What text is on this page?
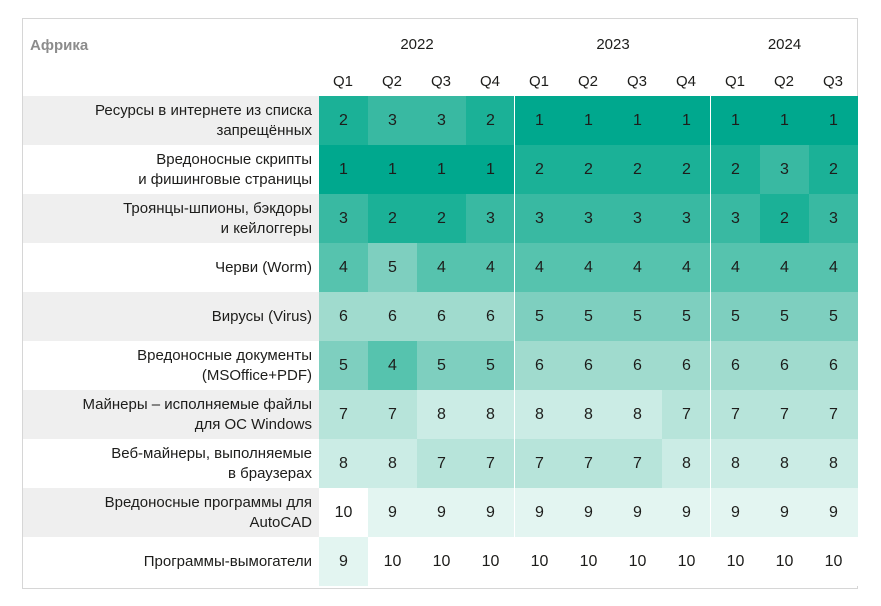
Африка	2022	2023	2024
Q1	Q2	Q3	Q4	Q1	Q2	Q3	Q4	Q1	Q2	Q3
Ресурсы в интернете из списка
запрещённых
2	3	3	2	1	1	1	1	1	1	1
Вредоносные скрипты
и фишинговые страницы
1	1	1	1	2	2	2	2	2	3	2
Троянцы-шпионы, бэкдоры
и кейлоггеры
3	2	2	3	3	3	3	3	3	2	3
Черви (Worm)	4	5	4	4	4	4	4	4	4	4	4
Вирусы (Virus)	6	6	6	6	5	5	5	5	5	5	5
Вредоносные документы
(MSOffice+PDF)
5	4	5	5	6	6	6	6	6	6	6
Майнеры – исполняемые файлы
для ОС Windows
7	7	8	8	8	8	8	7	7	7	7
Веб-майнеры, выполняемые
в браузерах
8	8	7	7	7	7	7	8	8	8	8
Вредоносные программы для
AutoCAD
10	9	9	9	9	9	9	9	9	9	9
Программы-вымогатели	9	10	10	10	10	10	10	10	10	10	10
